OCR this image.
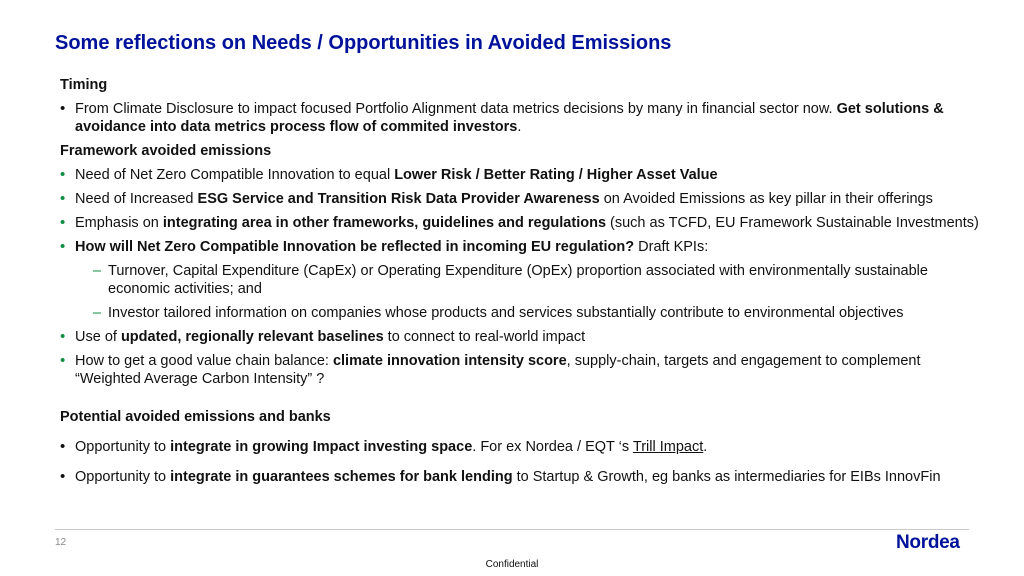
Some reflections on Needs / Opportunities in Avoided Emissions

Timing

• From Climate Disclosure to impact focused Portfolio Alignment data metrics decisions by many in financial sector now. Get solutions & avoidance into data metrics process flow of commited investors.

Framework avoided emissions

• Need of Net Zero Compatible Innovation to equal Lower Risk / Better Rating / Higher Asset Value
• Need of Increased ESG Service and Transition Risk Data Provider Awareness on Avoided Emissions as key pillar in their offerings
• Emphasis on integrating area in other frameworks, guidelines and regulations (such as TCFD, EU Framework Sustainable Investments)
• How will Net Zero Compatible Innovation be reflected in incoming EU regulation? Draft KPIs:
– Turnover, Capital Expenditure (CapEx) or Operating Expenditure (OpEx) proportion associated with environmentally sustainable economic activities; and
– Investor tailored information on companies whose products and services substantially contribute to environmental objectives
• Use of updated, regionally relevant baselines to connect to real-world impact
• How to get a good value chain balance: climate innovation intensity score, supply-chain, targets and engagement to complement “Weighted Average Carbon Intensity” ?

Potential avoided emissions and banks

• Opportunity to integrate in growing Impact investing space. For ex Nordea / EQT ‘s Trill Impact.
• Opportunity to integrate in guarantees schemes for bank lending to Startup & Growth, eg banks as intermediaries for EIBs InnovFin
12	Nordea
Confidential
